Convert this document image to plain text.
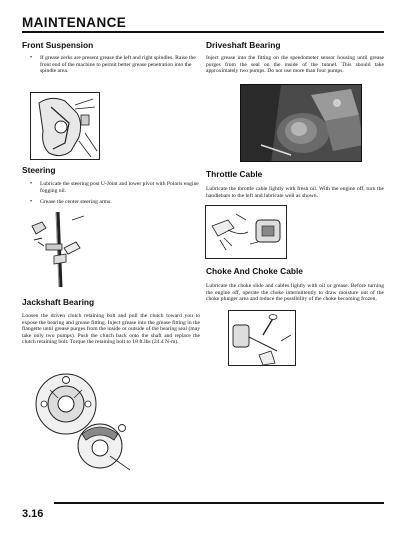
MAINTENANCE
Front Suspension
• If grease zerks are present grease the left and right spindles. Raise the front end of the machine to permit better grease penetration into the spindle area.
Steering
• Lubricate the steering post U-Joint and lower pivot with Polaris engine fogging oil.
• Grease the center steering arms.
Jackshaft Bearing

Loosen the driven clutch retaining bolt and pull the clutch toward you to expose the bearing and grease fitting. Inject grease into the grease fitting in the flangette until grease purges from the inside or outside of the bearing seal (may take only two pumps). Push the clutch back onto the shaft and replace the clutch retaining bolt. Torque the retaining bolt to 18 ft.lbs (24.4 N-m).

Driveshaft Bearing

Inject grease into the fitting on the speedometer sensor housing until grease purges from the seal on the inside of the tunnel. This should take approximately two pumps. Do not use more than four pumps.

Throttle Cable

Lubricate the throttle cable lightly with fresh oil. With the engine off, turn the handlebars to the left and lubricate well as shown.

Choke And Choke Cable

Lubricate the choke slide and cables lightly with oil or grease. Before turning the engine off, operate the choke intermittently to draw moisture out of the choke plunger area and reduce the possibility of the choke becoming frozen.

3.16
